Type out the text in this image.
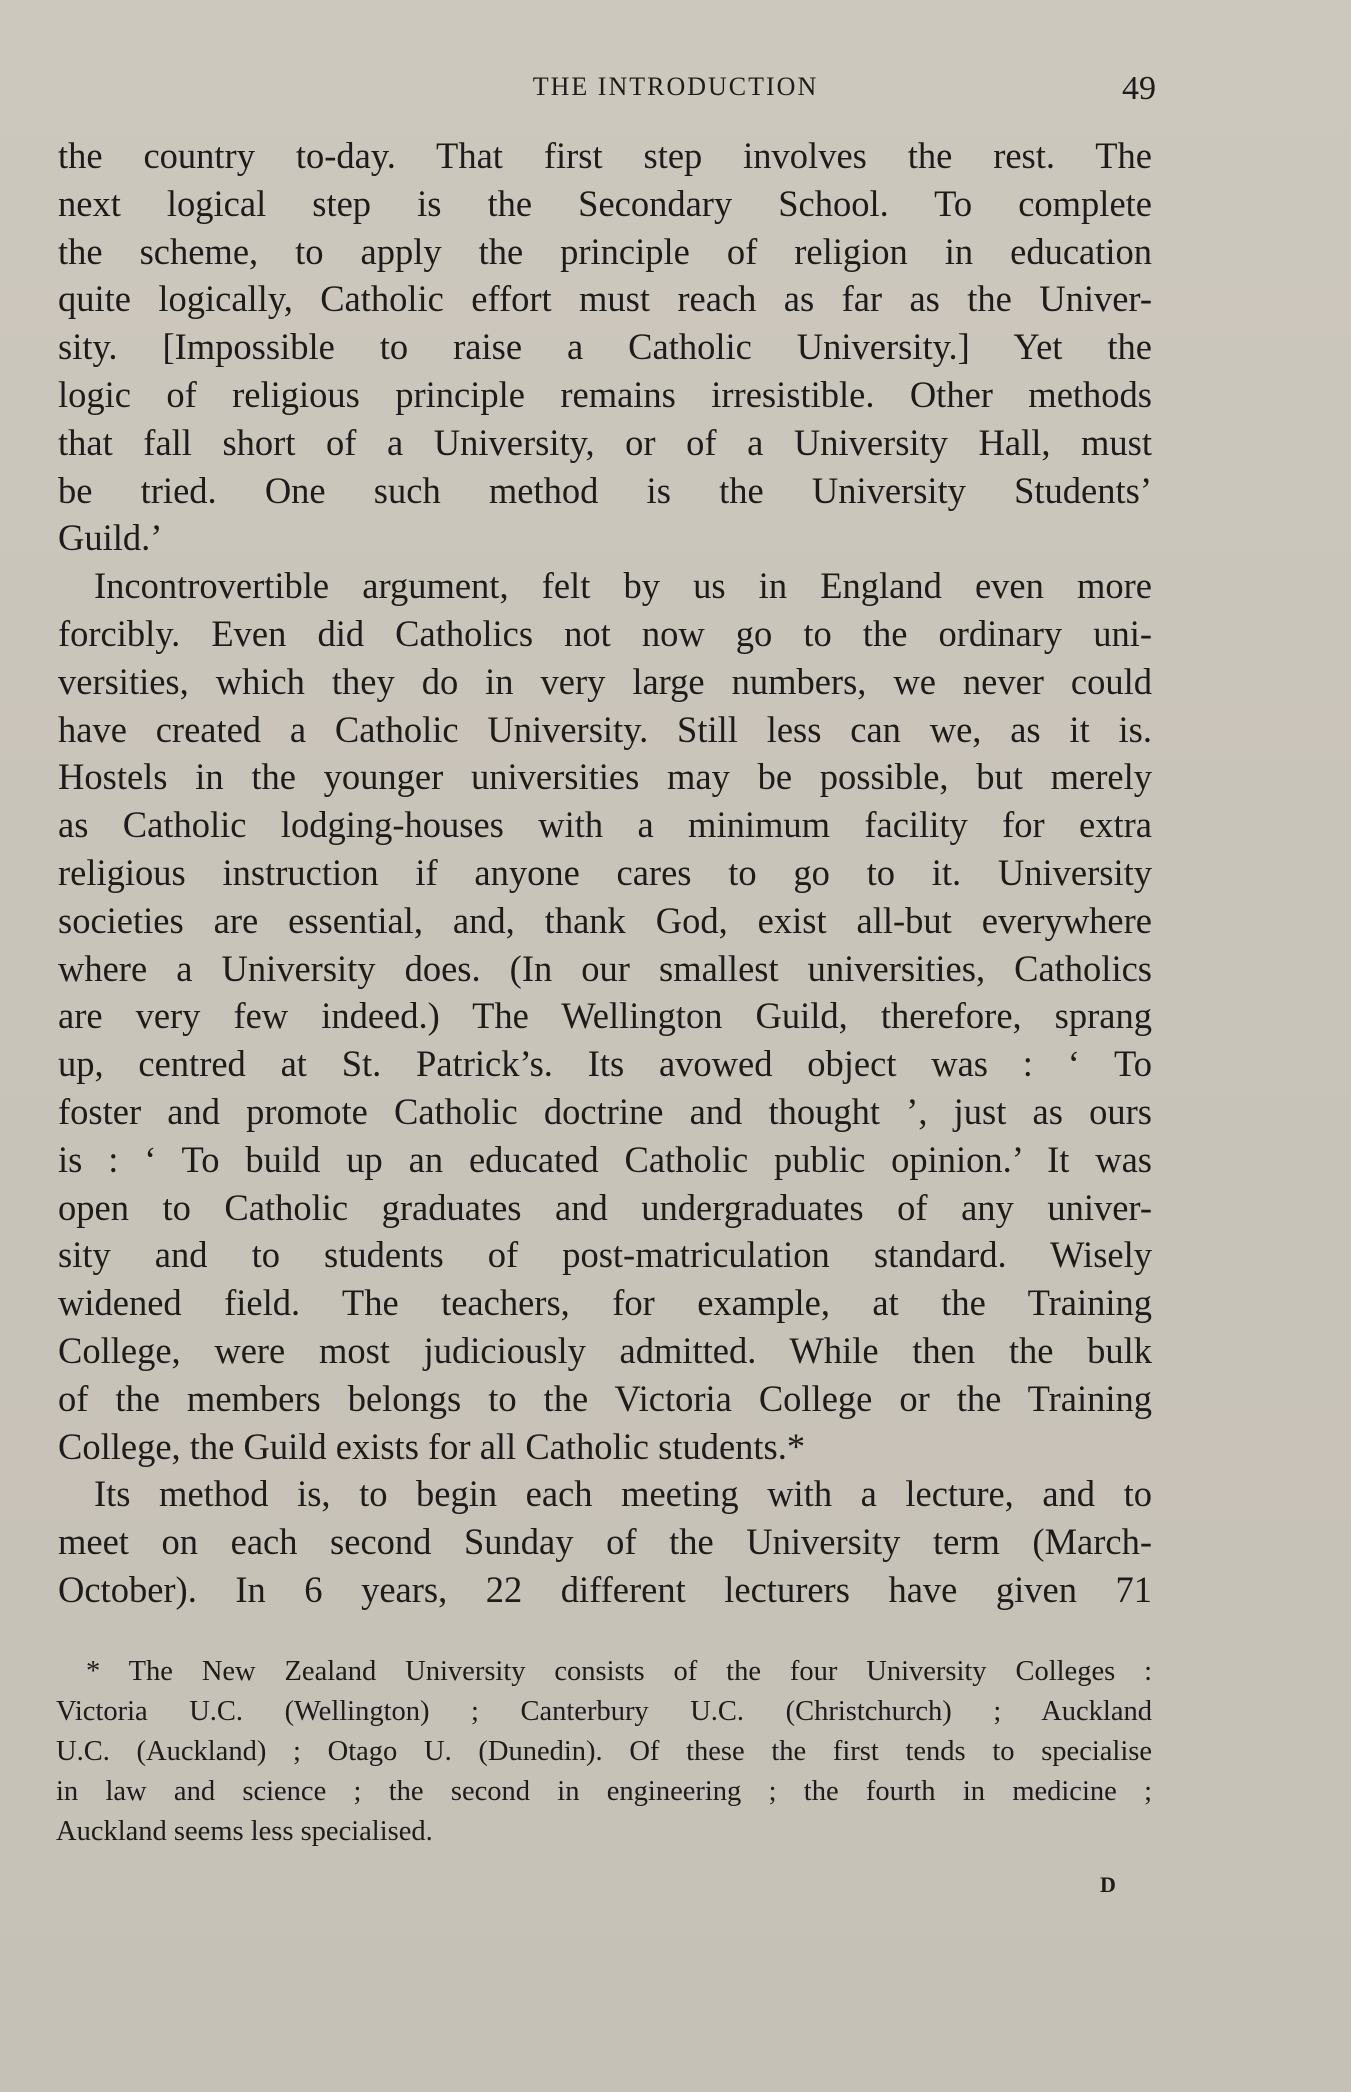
THE INTRODUCTION	49
the country to-day. That first step involves the rest. The
next logical step is the Secondary School. To complete
the scheme, to apply the principle of religion in education
quite logically, Catholic effort must reach as far as the Univer-
sity. [Impossible to raise a Catholic University.] Yet the
logic of religious principle remains irresistible. Other methods
that fall short of a University, or of a University Hall, must
be tried. One such method is the University Students’
Guild.’
Incontrovertible argument, felt by us in England even more
forcibly. Even did Catholics not now go to the ordinary uni-
versities, which they do in very large numbers, we never could
have created a Catholic University. Still less can we, as it is.
Hostels in the younger universities may be possible, but merely
as Catholic lodging-houses with a minimum facility for extra
religious instruction if anyone cares to go to it. University
societies are essential, and, thank God, exist all-but everywhere
where a University does. (In our smallest universities, Catholics
are very few indeed.) The Wellington Guild, therefore, sprang
up, centred at St. Patrick’s. Its avowed object was : ‘ To
foster and promote Catholic doctrine and thought ’, just as ours
is : ‘ To build up an educated Catholic public opinion.’ It was
open to Catholic graduates and undergraduates of any univer-
sity and to students of post-matriculation standard. Wisely
widened field. The teachers, for example, at the Training
College, were most judiciously admitted. While then the bulk
of the members belongs to the Victoria College or the Training
College, the Guild exists for all Catholic students.*
Its method is, to begin each meeting with a lecture, and to
meet on each second Sunday of the University term (March-
October). In 6 years, 22 different lecturers have given 71
* The New Zealand University consists of the four University Colleges :
Victoria U.C. (Wellington) ; Canterbury U.C. (Christchurch) ; Auckland
U.C. (Auckland) ; Otago U. (Dunedin). Of these the first tends to specialise
in law and science ; the second in engineering ; the fourth in medicine ;
Auckland seems less specialised.
D
